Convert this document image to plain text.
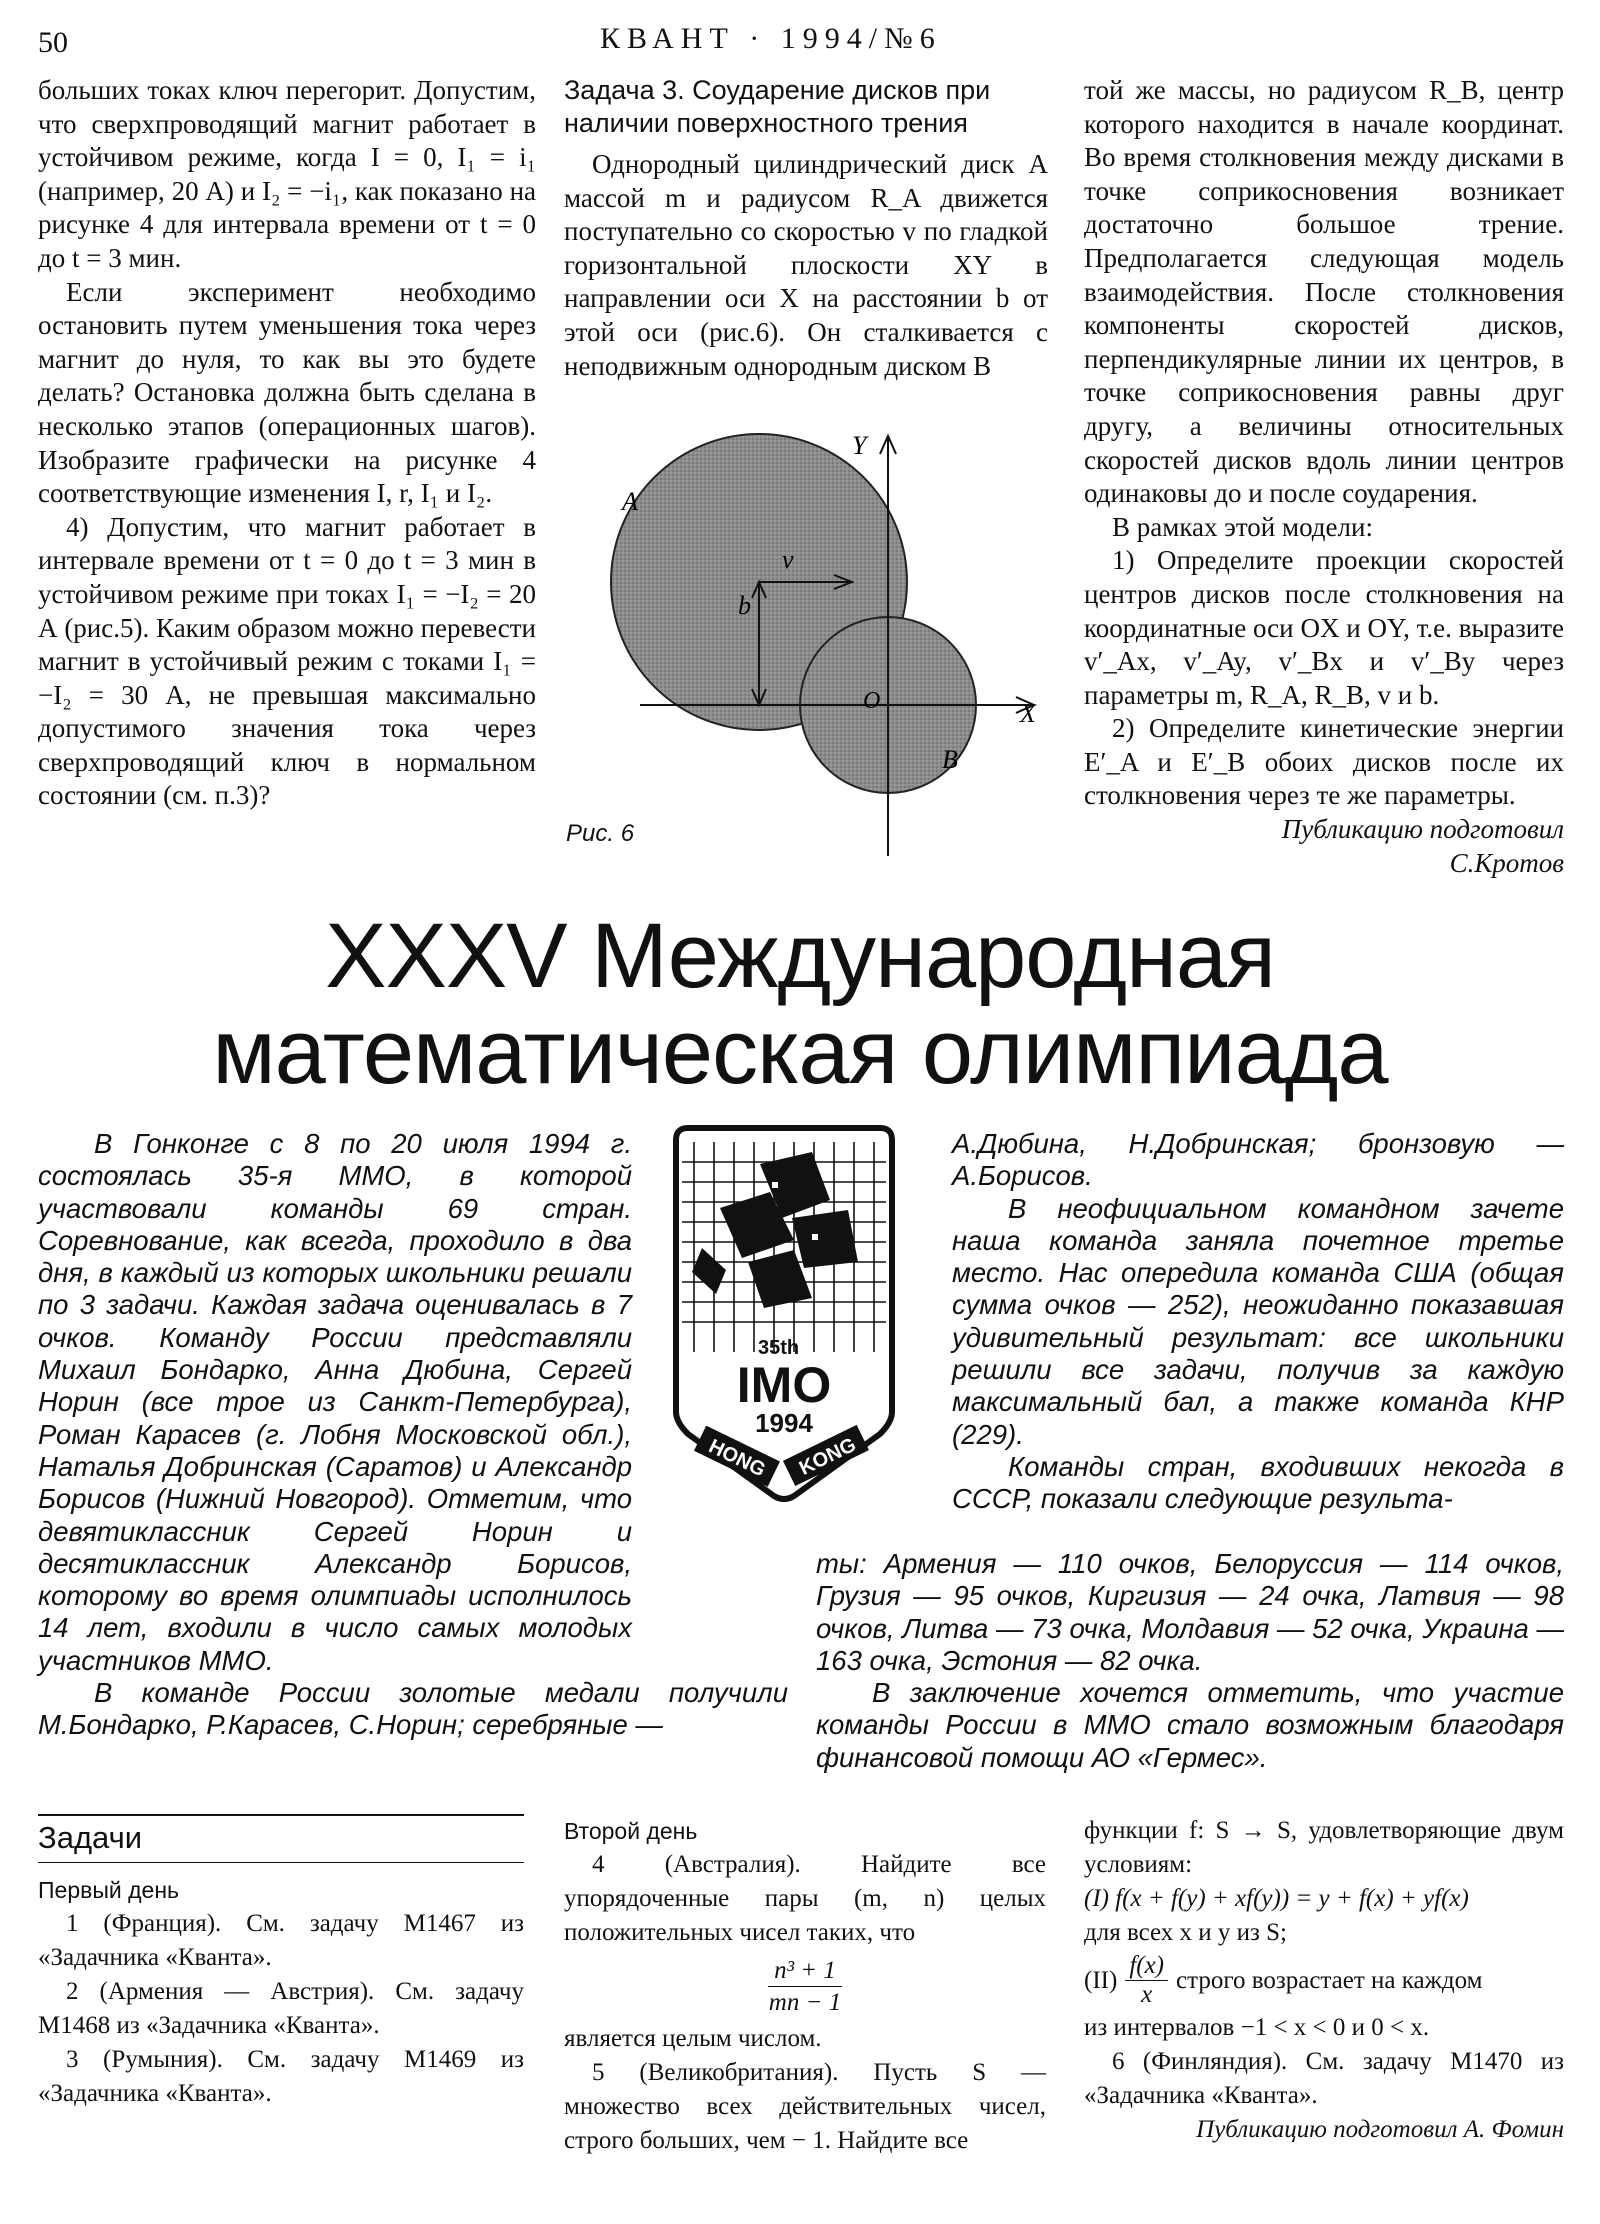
50	КВАНТ · 1994/№6

больших токах ключ перегорит. Допустим, что сверхпроводящий магнит работает в устойчивом режиме, когда I = 0, I₁ = i₁ (например, 20 А) и I₂ = −i₁, как показано на рисунке 4 для интервала времени от t = 0 до t = 3 мин.

Если эксперимент необходимо остановить путем уменьшения тока через магнит до нуля, то как вы это будете делать? Остановка должна быть сделана в несколько этапов (операционных шагов). Изобразите графически на рисунке 4 соответствующие изменения I, r, I₁ и I₂.

4) Допустим, что магнит работает в интервале времени от t = 0 до t = 3 мин в устойчивом режиме при токах I₁ = −I₂ = 20 А (рис.5). Каким образом можно перевести магнит в устойчивый режим с токами I₁ = −I₂ = 30 А, не превышая максимально допустимого значения тока через сверхпроводящий ключ в нормальном состоянии (см. п.3)?

Задача 3. Соударение дисков при наличии поверхностного трения

Однородный цилиндрический диск A массой m и радиусом R_A движется поступательно со скоростью v по гладкой горизонтальной плоскости XY в направлении оси X на расстоянии b от этой оси (рис.6). Он сталкивается с неподвижным однородным диском B

A
Y
v
b
O	X
B
Рис. 6

той же массы, но радиусом R_B, центр которого находится в начале координат. Во время столкновения между дисками в точке соприкосновения возникает достаточно большое трение. Предполагается следующая модель взаимодействия. После столкновения компоненты скоростей дисков, перпендикулярные линии их центров, в точке соприкосновения равны друг другу, а величины относительных скоростей дисков вдоль линии центров одинаковы до и после соударения.

В рамках этой модели:

1) Определите проекции скоростей центров дисков после столкновения на координатные оси OX и OY, т.е. выразите v′_Ax, v′_Ay, v′_Bx и v′_By через параметры m, R_A, R_B, v и b.

2) Определите кинетические энергии E′_A и E′_B обоих дисков после их столкновения через те же параметры.

Публикацию подготовил
С.Кротов
XXXV Международная
математическая олимпиада

В Гонконге с 8 по 20 июля 1994 г. состоялась 35-я ММО, в которой участвовали команды 69 стран. Соревнование, как всегда, проходило в два дня, в каждый из которых школьники решали по 3 задачи. Каждая задача оценивалась в 7 очков. Команду России представляли Михаил Бондарко, Анна Дюбина, Сергей Норин (все трое из Санкт-Петербурга), Роман Карасев (г. Лобня Московской обл.), Наталья Добринская (Саратов) и Александр Борисов (Нижний Новгород). Отметим, что девятиклассник Сергей Норин и десятиклассник Александр Борисов, которому во время олимпиады исполнилось 14 лет, входили в число самых молодых участников ММО.

В команде России золотые медали получили М.Бондарко, Р.Карасев, С.Норин; серебряные —

35th
IMO
1994
HONG KONG

А.Дюбина, Н.Добринская; бронзовую — А.Борисов.

В неофициальном командном зачете наша команда заняла почетное третье место. Нас опередила команда США (общая сумма очков — 252), неожиданно показавшая удивительный результат: все школьники решили все задачи, получив за каждую максимальный бал, а также команда КНР (229).

Команды стран, входивших некогда в СССР, показали следующие результа-

ты: Армения — 110 очков, Белоруссия — 114 очков, Грузия — 95 очков, Киргизия — 24 очка, Латвия — 98 очков, Литва — 73 очка, Молдавия — 52 очка, Украина — 163 очка, Эстония — 82 очка.

В заключение хочется отметить, что участие команды России в ММО стало возможным благодаря финансовой помощи АО «Гермес».

Задачи
Первый день

1 (Франция). См. задачу М1467 из «Задачника «Кванта».

2 (Армения — Австрия). См. задачу М1468 из «Задачника «Кванта».

3 (Румыния). См. задачу М1469 из «Задачника «Кванта».

Второй день

4 (Австралия). Найдите все упорядоченные пары (m, n) целых положительных чисел таких, что

n³ + 1
mn − 1

является целым числом.

5 (Великобритания). Пусть S — множество всех действительных чисел, строго больших, чем − 1. Найдите все

функции f: S → S, удовлетворяющие двум условиям:

(I) f(x + f(y) + xf(y)) = y + f(x) + yf(x)

для всех x и y из S;

$(II) \frac{f(x)}{x}$ строго возрастает на каждом

из интервалов −1 < x < 0 и 0 < x.

6 (Финляндия). См. задачу М1470 из «Задачника «Кванта».

Публикацию подготовил А. Фомин
